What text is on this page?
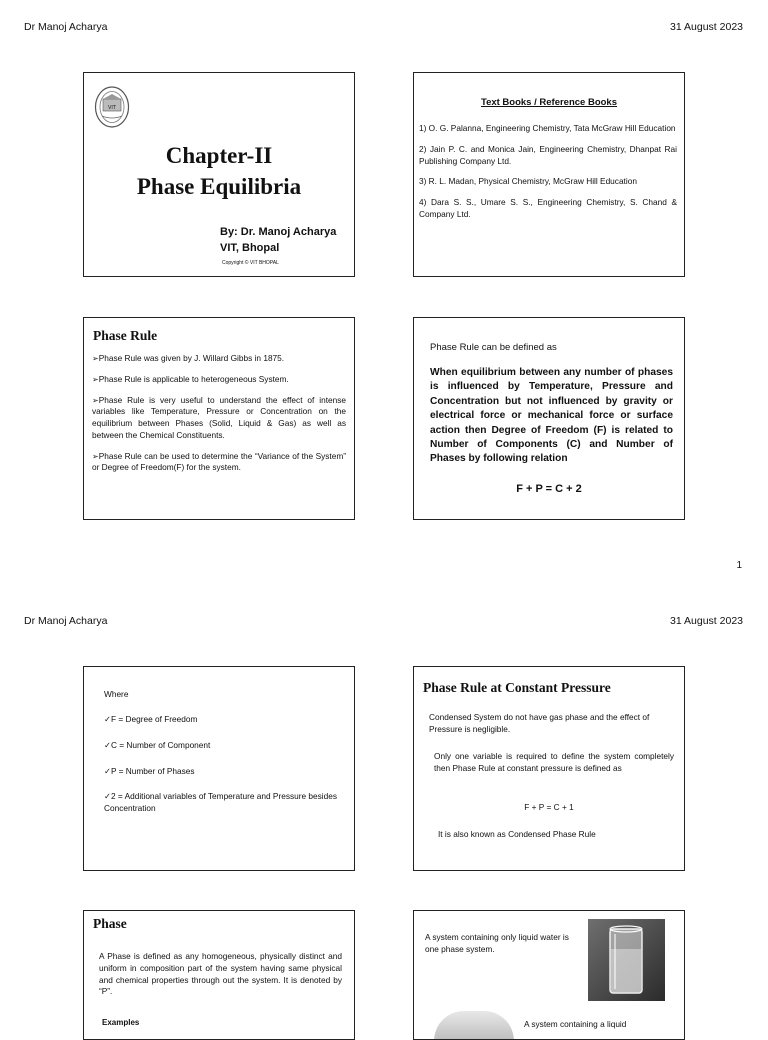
Dr Manoj Acharya	31 August 2023
VIT
Chapter-II
Phase Equilibria
By: Dr. Manoj Acharya
VIT, Bhopal
Copyright © VIT BHOPAL
Text Books / Reference Books
1) O. G. Palanna, Engineering Chemistry, Tata McGraw Hill Education
2) Jain P. C. and Monica Jain, Engineering Chemistry, Dhanpat Rai Publishing Company Ltd.
3) R. L. Madan, Physical Chemistry, McGraw Hill Education
4) Dara S. S., Umare S. S., Engineering Chemistry, S. Chand & Company Ltd.
Phase Rule
➢ Phase Rule was given by J. Willard Gibbs in 1875.
➢ Phase Rule is applicable to heterogeneous System.
➢ Phase Rule is very useful to understand the effect of intense variables like Temperature, Pressure or Concentration on the equilibrium between Phases (Solid, Liquid & Gas) as well as between the Chemical Constituents.
➢ Phase Rule can be used to determine the “Variance of the System” or Degree of Freedom(F) for the system.
Phase Rule can be defined as
When equilibrium between any number of phases is influenced by Temperature, Pressure and Concentration but not influenced by gravity or electrical force or mechanical force or surface action then Degree of Freedom (F) is related to Number of Components (C) and Number of Phases by following relation
F + P = C + 2
1
Dr Manoj Acharya	31 August 2023
Where
✓ F = Degree of Freedom
✓ C = Number of Component
✓ P = Number of Phases
✓ 2 = Additional variables of Temperature and Pressure besides Concentration
Phase Rule at Constant Pressure
Condensed System do not have gas phase and the effect of Pressure is negligible.
Only one variable is required to define the system completely then Phase Rule at constant pressure is defined as
F + P = C + 1
It is also known as Condensed Phase Rule
Phase
A Phase is defined as any homogeneous, physically distinct and uniform in composition part of the system having same physical and chemical properties through out the system. It is denoted by “P”.
Examples
A system containing only liquid water is one phase system.
A system containing a liquid
